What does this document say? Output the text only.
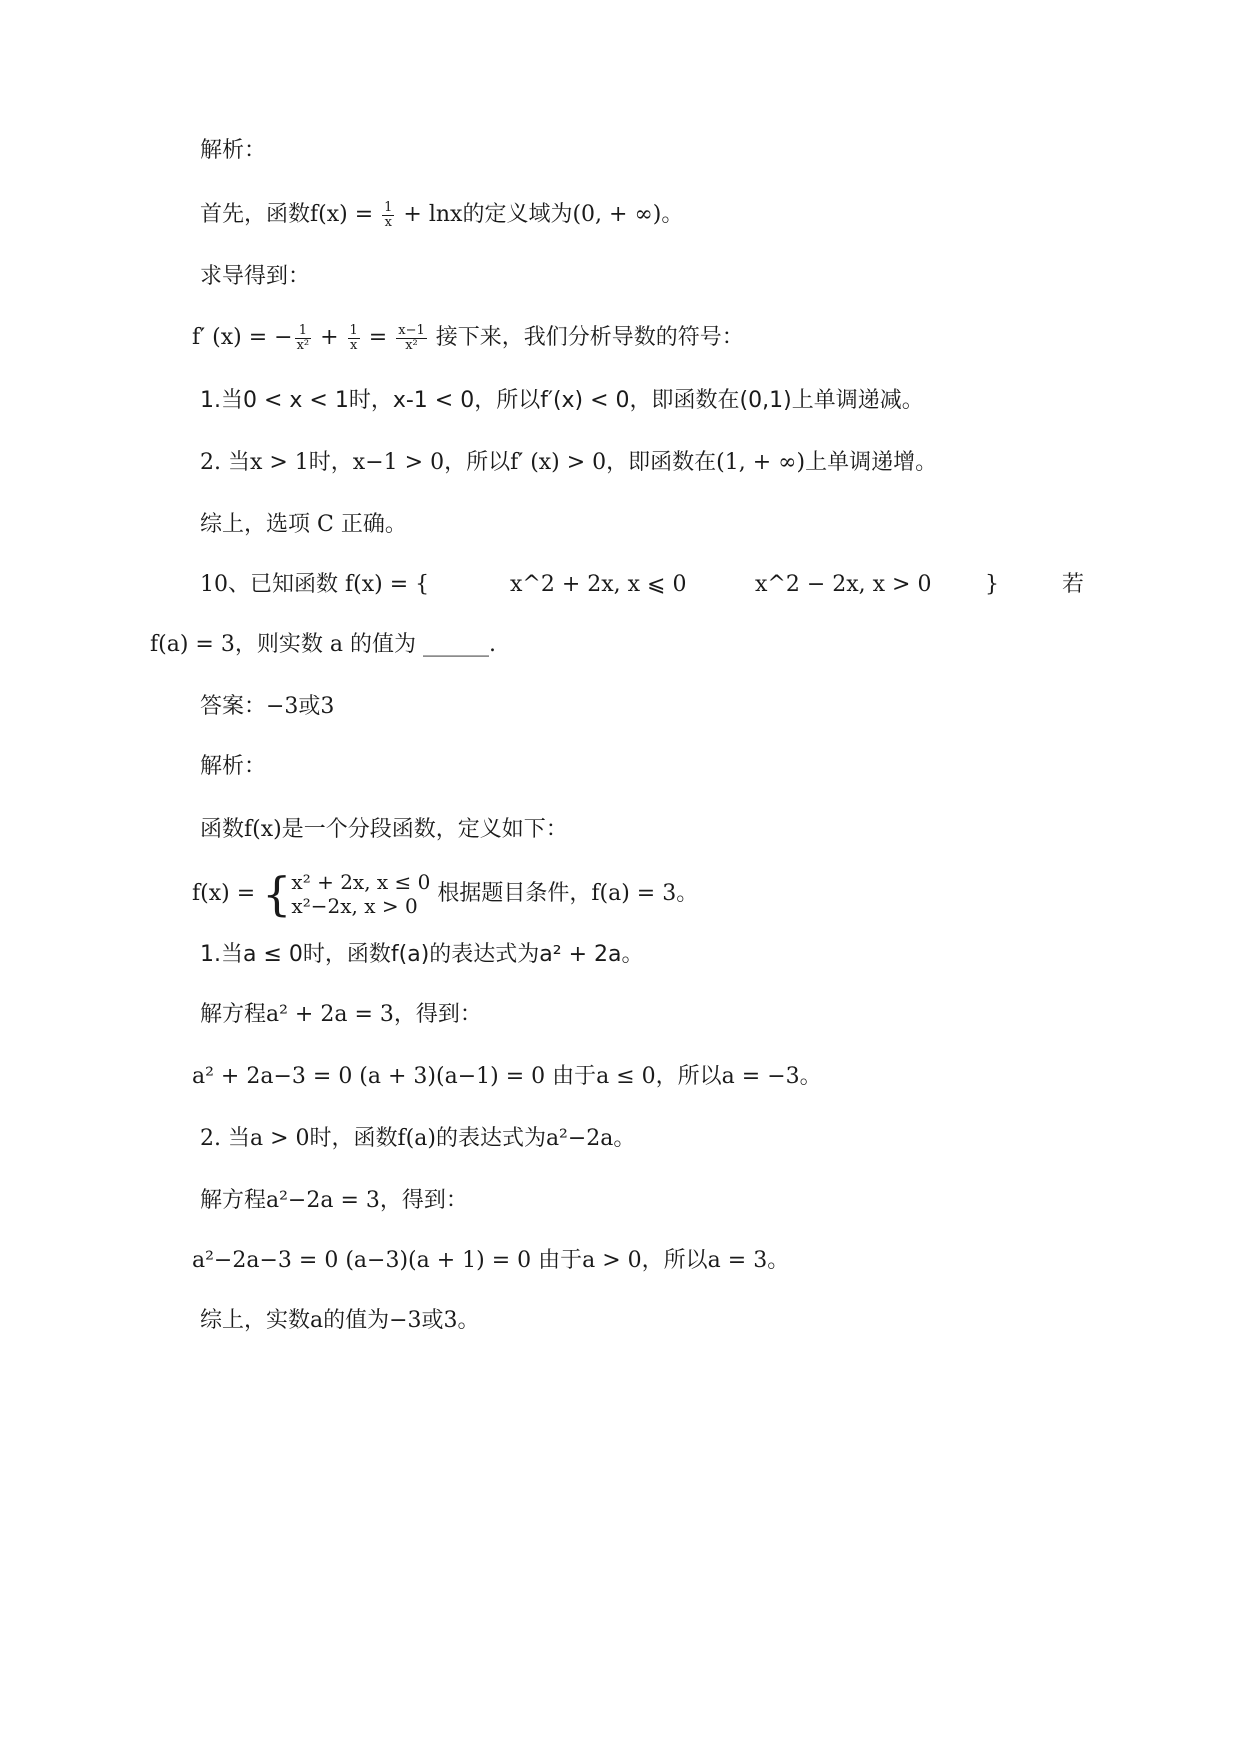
解析：
首先，函数$f(x) = \frac{1}{x} + \ln x$的定义域为(0, + ∞)。
求导得到：
f′ (x) = − $\frac{1}{\text{x²}} + \frac{1}{x} = \frac{x-1}{\text{x²}}$ 接下来，我们分析导数的符号：
1.当0 < x < 1时，x-1 < 0，所以f′(x) < 0，即函数在(0,1)上单调递减。
2. 当x > 1时，x−1 > 0，所以f′ (x) > 0，即函数在(1, + ∞)上单调递增。
综上，选项 C 正确。
10、已知函数 f(x) = {	x^2 + 2x, x ⩽ 0	x^2 − 2x, x > 0 }	若
f(a) = 3，则实数 a 的值为 ______.
答案：−3或3
解析：
函数f(x)是一个分段函数，定义如下：
f(x) = { x² + 2x, x ≤ 0
x²−2x, x > 0 根据题目条件，f(a) = 3。
1.当a ≤ 0时，函数f(a)的表达式为a² + 2a。
解方程a² + 2a = 3，得到：
a² + 2a−3 = 0 (a + 3)(a−1) = 0 由于a ≤ 0，所以a = −3。
2. 当a > 0时，函数f(a)的表达式为a²−2a。
解方程a²−2a = 3，得到：
a²−2a−3 = 0 (a−3)(a + 1) = 0 由于a > 0，所以a = 3。
综上，实数a的值为−3或3。
